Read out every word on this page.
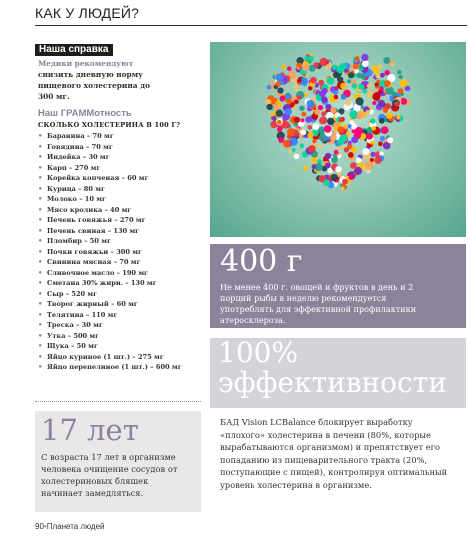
КАК У ЛЮДЕЙ?
Наша справка
Медики рекомендуют снизить дневную норму пищевого холестерина до 300 мг.
Наш ГРАММотность
СКОЛЬКО ХОЛЕСТЕРИНА В 100 Г?
• Баранина – 70 мг
• Говядина – 70 мг
• Индейка – 30 мг
• Карп – 270 мг
• Корейка копченая – 60 мг
• Курица – 80 мг
• Молоко – 10 мг
• Мясо кролика – 40 мг
• Печень говяжья – 270 мг
• Печень свиная – 130 мг
• Пломбир – 50 мг
• Почки говяжьи – 300 мг
• Свинина мясная – 70 мг
• Сливочное масло – 190 мг
• Сметана 30% жирн. – 130 мг
• Сыр – 520 мг
• Творог жирный – 60 мг
• Телятина – 110 мг
• Треска – 30 мг
• Утка – 500 мг
• Щука – 50 мг
• Яйцо куриное (1 шт.) – 275 мг
• Яйцо перепелиное (1 шт.) – 600 мг
17 лет
С возраста 17 лет в организме человека очищение сосудов от холестериновых бляшек начинает замедляться.
400 г
Не менее 400 г. овощей и фруктов в день и 2 порций рыбы в неделю рекомендуется употреблять для эффективной профилактики атеросклероза.
100% эффективности
БАД Vision LCBalance блокирует выработку «плохого» холестерина в печени (80%, которые вырабатываются организмом) и препятствует его попаданию из пищеварительного тракта (20%, поступающие с пищей), контролируя оптимальный уровень холестерина в организме.
90•Планета людей
